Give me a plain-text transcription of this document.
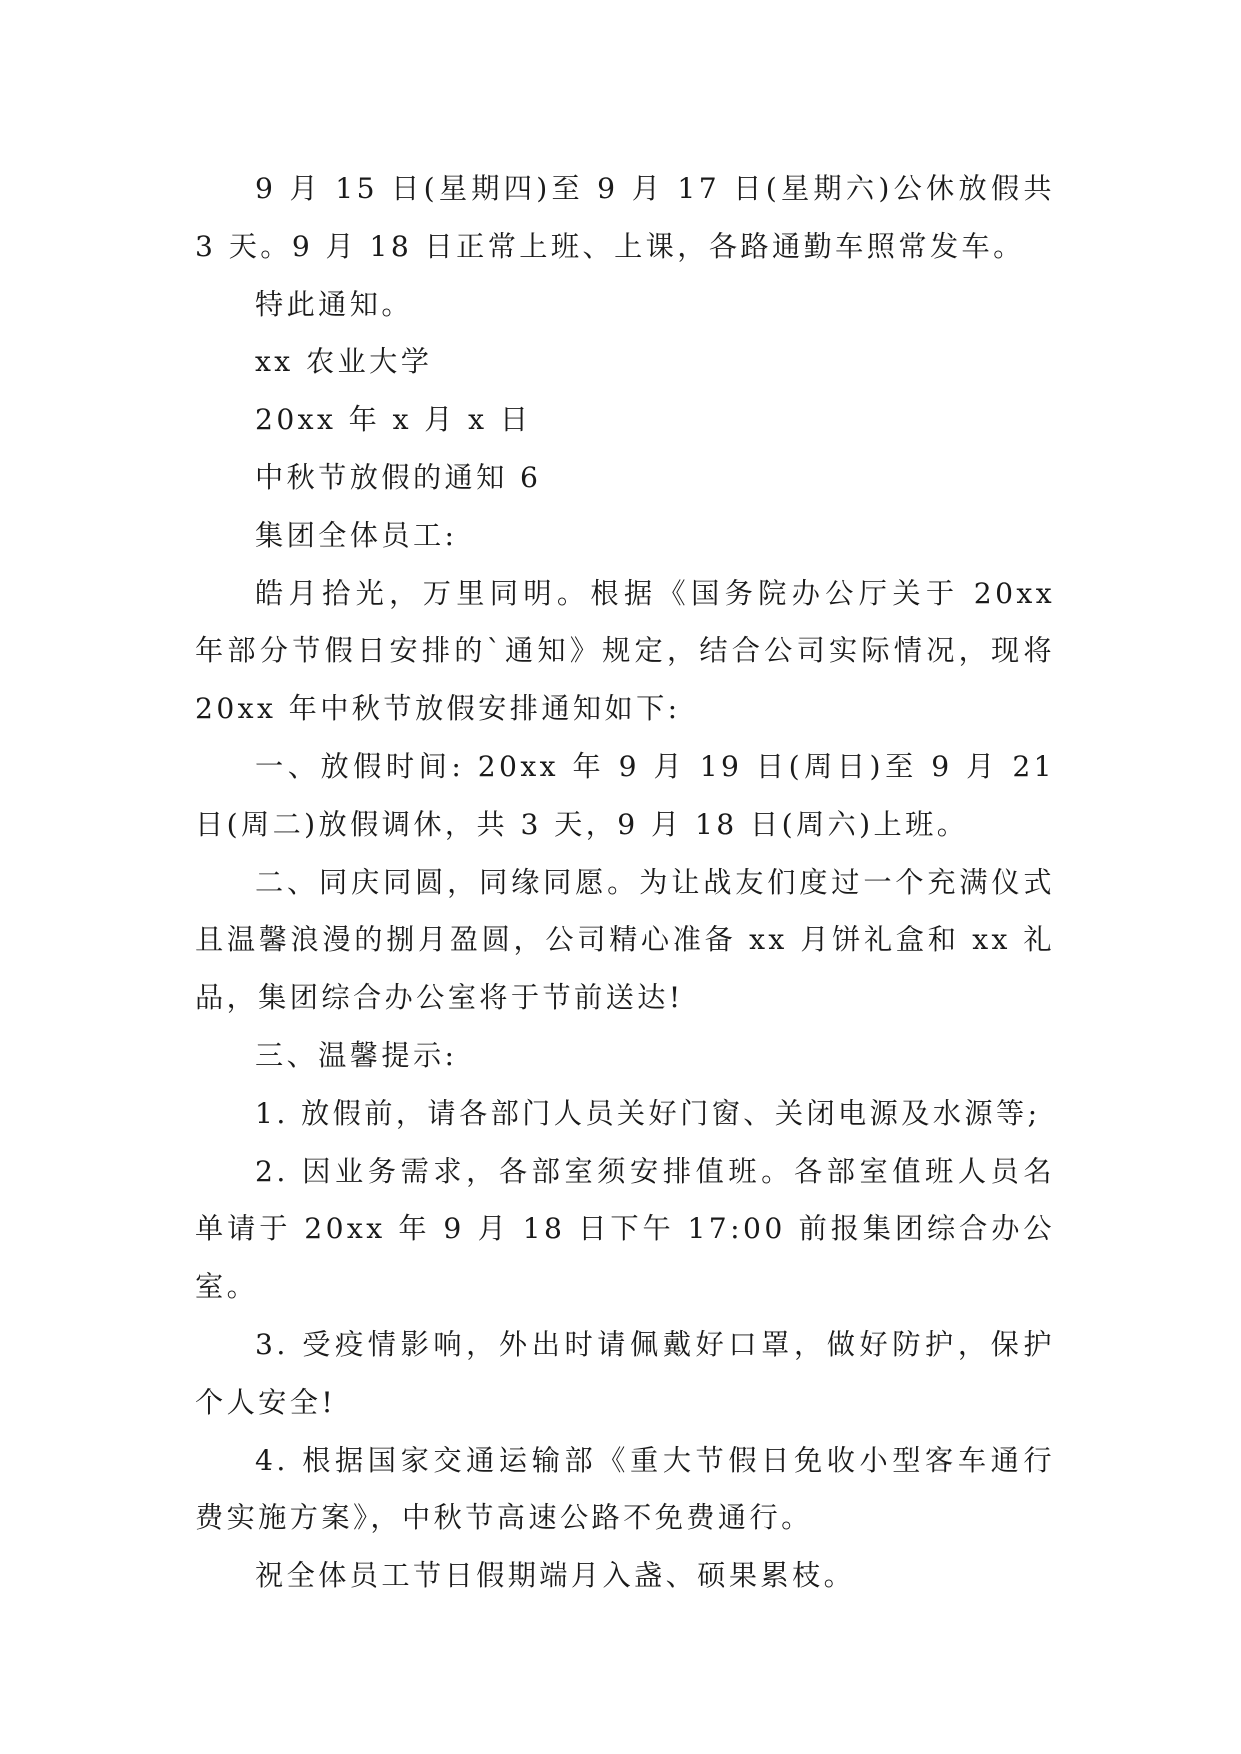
9 月 15 日(星期四)至 9 月 17 日(星期六)公休放假共 3 天。9 月 18 日正常上班、上课，各路通勤车照常发车。

特此通知。

xx 农业大学

20xx 年 x 月 x 日

中秋节放假的通知 6

集团全体员工:

皓月拾光，万里同明。根据《国务院办公厅关于 20xx 年部分节假日安排的`通知》规定，结合公司实际情况，现将 20xx 年中秋节放假安排通知如下:

一、放假时间: 20xx 年 9 月 19 日(周日)至 9 月 21 日(周二)放假调休，共 3 天，9 月 18 日(周六)上班。

二、同庆同圆，同缘同愿。为让战友们度过一个充满仪式且温馨浪漫的捌月盈圆，公司精心准备 xx 月饼礼盒和 xx 礼品，集团综合办公室将于节前送达!

三、温馨提示:

1. 放假前，请各部门人员关好门窗、关闭电源及水源等;

2. 因业务需求，各部室须安排值班。各部室值班人员名单请于 20xx 年 9 月 18 日下午 17:00 前报集团综合办公室。

3. 受疫情影响，外出时请佩戴好口罩，做好防护，保护个人安全!

4. 根据国家交通运输部《重大节假日免收小型客车通行费实施方案》，中秋节高速公路不免费通行。

祝全体员工节日假期端月入盏、硕果累枝。
